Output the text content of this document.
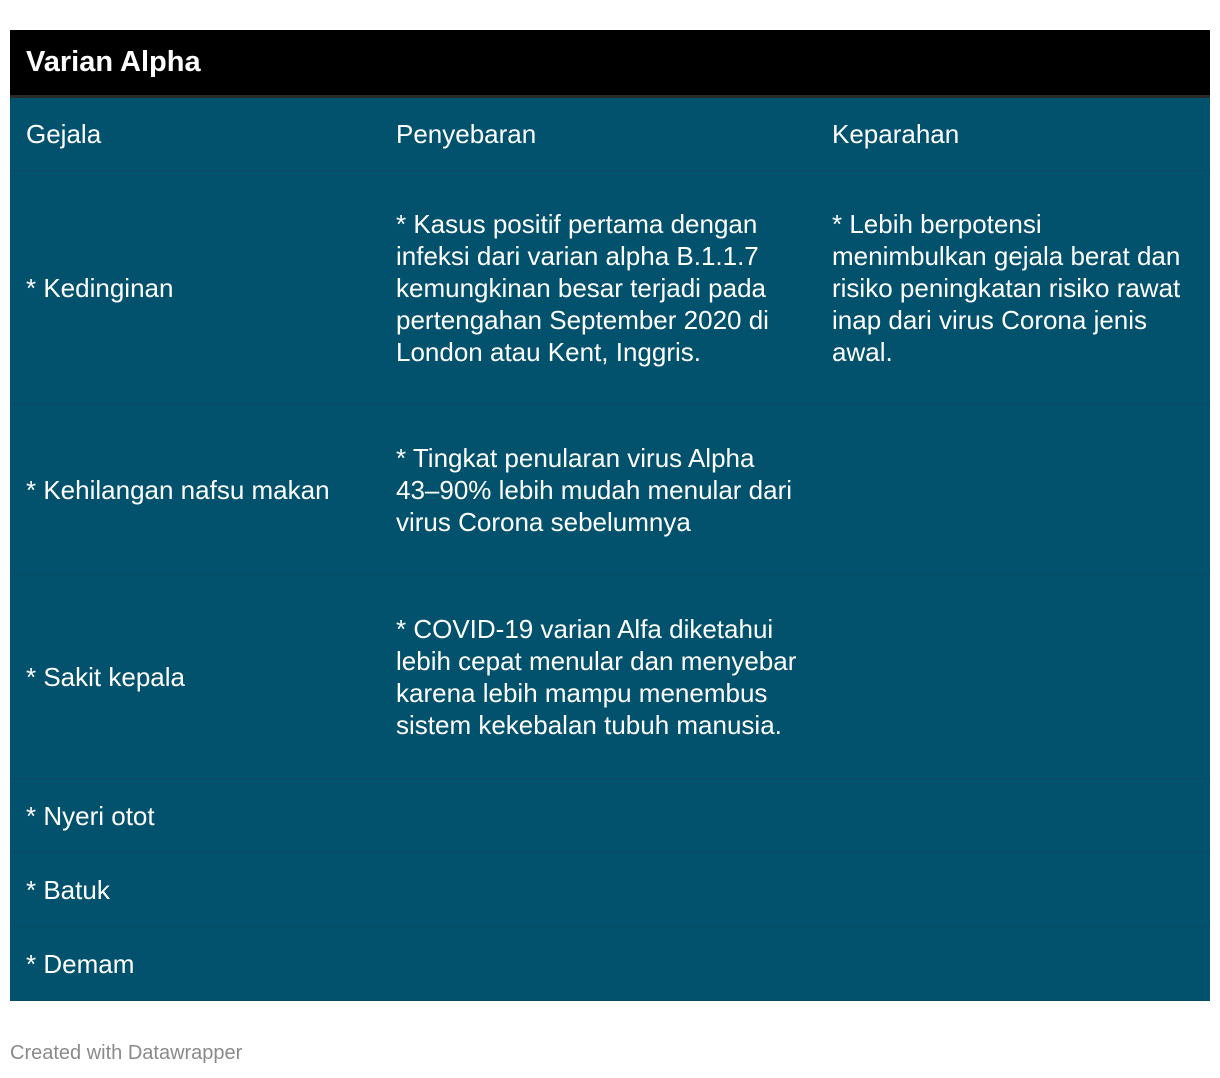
Varian Alpha
Gejala	Penyebaran	Keparahan
* Kedinginan	* Kasus positif pertama dengan infeksi dari varian alpha B.1.1.7 kemungkinan besar terjadi pada pertengahan September 2020 di London atau Kent, Inggris.	* Lebih berpotensi menimbulkan gejala berat dan risiko peningkatan risiko rawat inap dari virus Corona jenis awal.
* Kehilangan nafsu makan	* Tingkat penularan virus Alpha 43–90% lebih mudah menular dari virus Corona sebelumnya	
* Sakit kepala	* COVID-19 varian Alfa diketahui lebih cepat menular dan menyebar karena lebih mampu menembus sistem kekebalan tubuh manusia.	
* Nyeri otot		
* Batuk		
* Demam		
Created with Datawrapper
